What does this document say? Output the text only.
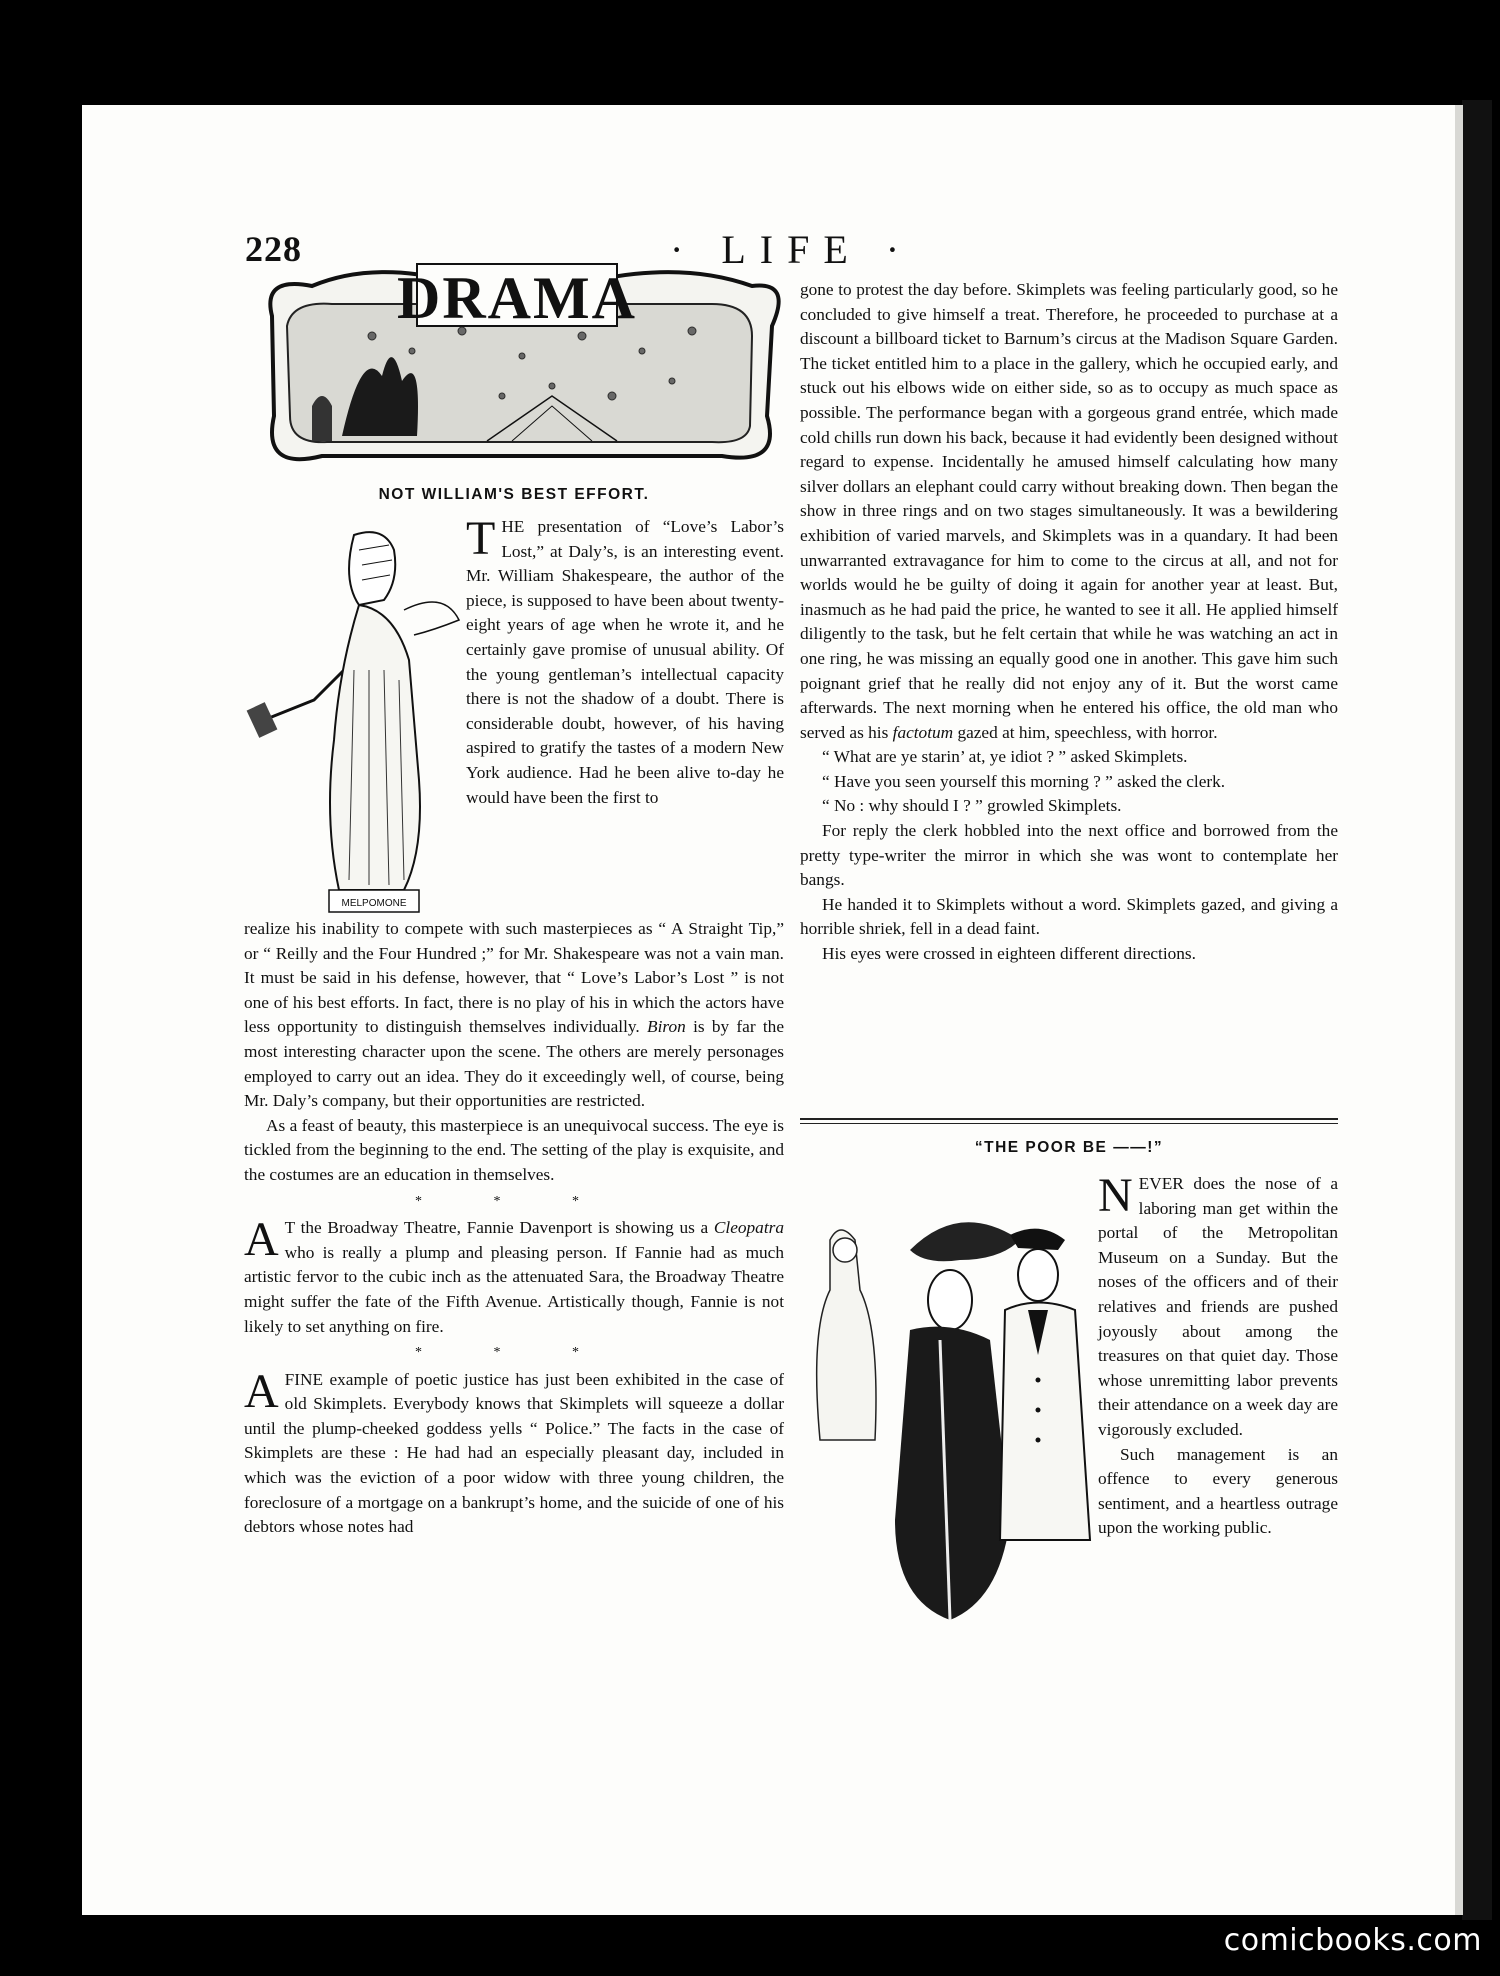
228	· LIFE ·
DRAMA
NOT WILLIAM'S BEST EFFORT.
MELPOMONE
THE presentation of “Love’s Labor’s Lost,” at Daly’s, is an interesting event. Mr. William Shakespeare, the author of the piece, is supposed to have been about twenty-eight years of age when he wrote it, and he certainly gave promise of unusual ability. Of the young gentleman’s intellectual capacity there is not the shadow of a doubt. There is considerable doubt, however, of his having aspired to gratify the tastes of a modern New York audience. Had he been alive to-day he would have been the first to

realize his inability to compete with such masterpieces as “ A Straight Tip,” or “ Reilly and the Four Hundred ;” for Mr. Shakespeare was not a vain man. It must be said in his defense, however, that “ Love’s Labor’s Lost ” is not one of his best efforts. In fact, there is no play of his in which the actors have less opportunity to distinguish themselves individually. Biron is by far the most interesting character upon the scene. The others are merely personages employed to carry out an idea. They do it exceedingly well, of course, being Mr. Daly’s company, but their opportunities are restricted.

As a feast of beauty, this masterpiece is an unequivocal success. The eye is tickled from the beginning to the end. The setting of the play is exquisite, and the costumes are an education in themselves.

* * *

A T the Broadway Theatre, Fannie Davenport is showing us a Cleopatra who is really a plump and pleasing person. If Fannie had as much artistic fervor to the cubic inch as the attenuated Sara, the Broadway Theatre might suffer the fate of the Fifth Avenue. Artistically though, Fannie is not likely to set anything on fire.

* * *

AFINE example of poetic justice has just been exhibited in the case of old Skimplets. Everybody knows that Skimplets will squeeze a dollar until the plump-cheeked goddess yells “ Police.” The facts in the case of Skimplets are these : He had had an especially pleasant day, included in which was the eviction of a poor widow with three young children, the foreclosure of a mortgage on a bankrupt’s home, and the suicide of one of his debtors whose notes had

gone to protest the day before. Skimplets was feeling particularly good, so he concluded to give himself a treat. Therefore, he proceeded to purchase at a discount a billboard ticket to Barnum’s circus at the Madison Square Garden. The ticket entitled him to a place in the gallery, which he occupied early, and stuck out his elbows wide on either side, so as to occupy as much space as possible. The performance began with a gorgeous grand entrée, which made cold chills run down his back, because it had evidently been designed without regard to expense. Incidentally he amused himself calculating how many silver dollars an elephant could carry without breaking down. Then began the show in three rings and on two stages simultaneously. It was a bewildering exhibition of varied marvels, and Skimplets was in a quandary. It had been unwarranted extravagance for him to come to the circus at all, and not for worlds would he be guilty of doing it again for another year at least. But, inasmuch as he had paid the price, he wanted to see it all. He applied himself diligently to the task, but he felt certain that while he was watching an act in one ring, he was missing an equally good one in another. This gave him such poignant grief that he really did not enjoy any of it. But the worst came afterwards. The next morning when he entered his office, the old man who served as his factotum gazed at him, speechless, with horror.

“ What are ye starin’ at, ye idiot ? ” asked Skimplets.

“ Have you seen yourself this morning ? ” asked the clerk.

“ No : why should I ? ” growled Skimplets.

For reply the clerk hobbled into the next office and borrowed from the pretty type-writer the mirror in which she was wont to contemplate her bangs.

He handed it to Skimplets without a word. Skimplets gazed, and giving a horrible shriek, fell in a dead faint.

His eyes were crossed in eighteen different directions.

“THE POOR BE ——!”

NEVER does the nose of a laboring man get within the portal of the Metropolitan Museum on a Sunday. But the noses of the officers and of their relatives and friends are pushed joyously about among the treasures on that quiet day. Those whose unremitting labor prevents their attendance on a week day are vigorously excluded.

Such management is an offence to every generous sentiment, and a heartless outrage upon the working public.

comicbooks.com
